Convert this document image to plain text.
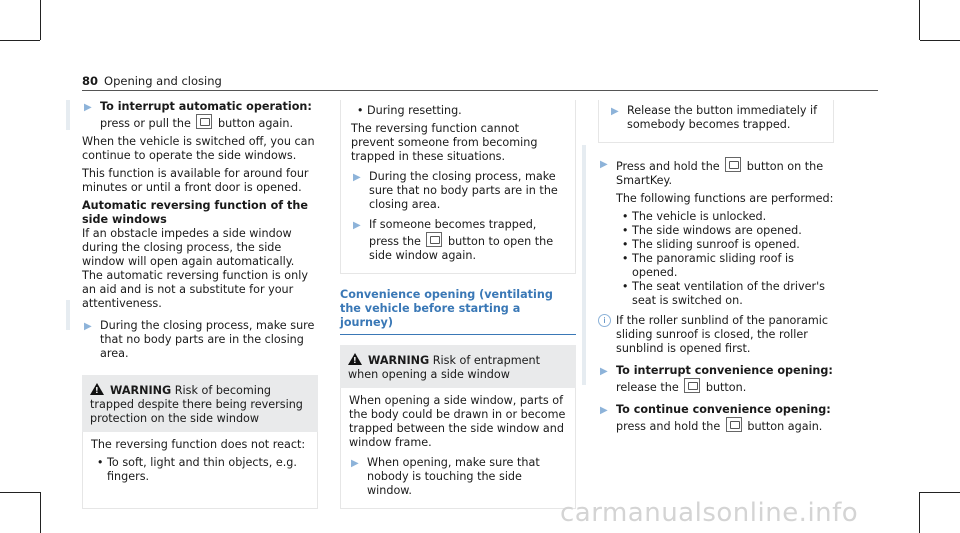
80 Opening and closing
▶ To interrupt automatic operation: press or pull the button again.

When the vehicle is switched off, you can continue to operate the side windows.

This function is available for around four minutes or until a front door is opened.

Automatic reversing function of the side windows

If an obstacle impedes a side window during the closing process, the side window will open again automatically. The automatic reversing function is only an aid and is not a substitute for your attentiveness.

▶ During the closing process, make sure that no body parts are in the closing area.
!WARNING Risk of becoming trapped despite there being reversing protection on the side window

The reversing function does not react:

• To soft, light and thin objects, e.g. fingers.
• During resetting.

The reversing function cannot prevent someone from becoming trapped in these situations.

▶ During the closing process, make sure that no body parts are in the closing area.
▶ If someone becomes trapped, press the button to open the side window again.
Convenience opening (ventilating the vehicle before starting a journey)
!WARNING Risk of entrapment when opening a side window

When opening a side window, parts of the body could be drawn in or become trapped between the side window and window frame.

▶ When opening, make sure that nobody is touching the side window.
▶ Release the button immediately if somebody becomes trapped.
▶ Press and hold the button on the SmartKey.

The following functions are performed:

• The vehicle is unlocked.
• The side windows are opened.
• The sliding sunroof is opened.
• The panoramic sliding roof is opened.
• The seat ventilation of the driver's seat is switched on.
i If the roller sunblind of the panoramic sliding sunroof is closed, the roller sunblind is opened first.
▶ To interrupt convenience opening: release the button.
▶ To continue convenience opening: press and hold the button again.
carmanualsonline.info
